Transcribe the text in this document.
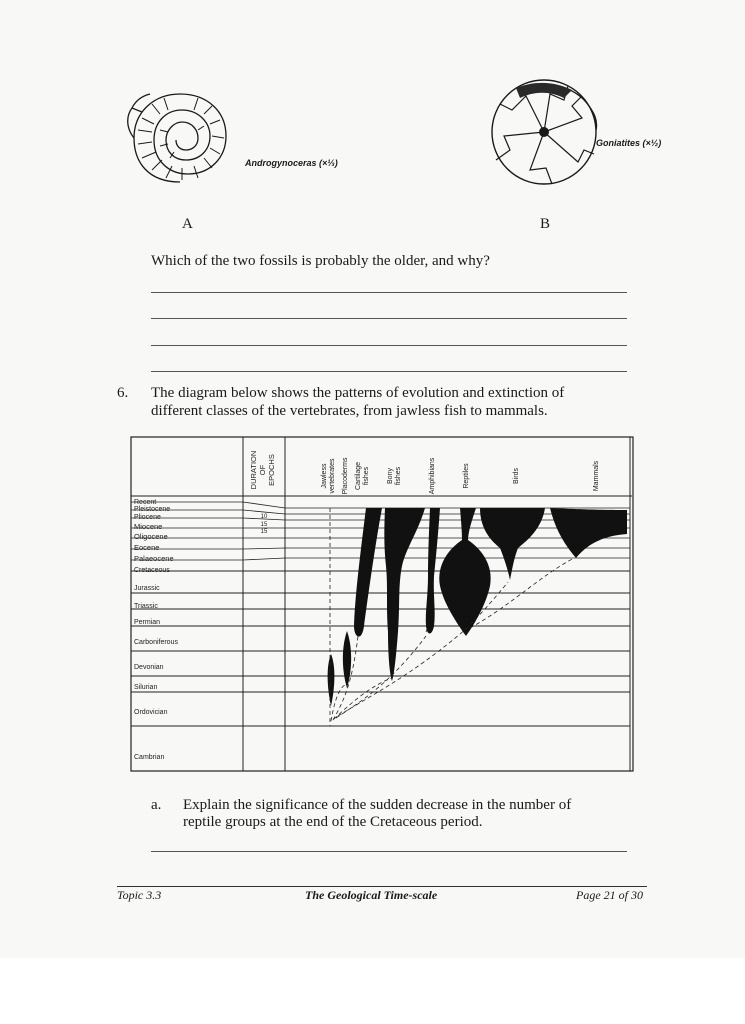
Androgynoceras (×⅓)
A
Goniatites (×½)
B
Which of the two fossils is probably the older, and why?
6. The diagram below shows the patterns of evolution and extinction of
different classes of the vertebrates, from jawless fish to mammals.
Recent
Pleistocene
Pliocene
Miocene
Oligocene
Eocene
Palaeocene
Cretaceous
Jurassic
Triassic
Permian
Carboniferous
Devonian
Silurian
Ordovician
Cambrian
DURATIONOFEPOCHS
10
15
15
Jawlessvertebrates Placoderms Cartilagefishes Bonyfishes	Amphibians	Reptiles	Birds	Mammals
a. Explain the significance of the sudden decrease in the number of
reptile groups at the end of the Cretaceous period.
Topic 3.3	The Geological Time-scale	Page 21 of 30
